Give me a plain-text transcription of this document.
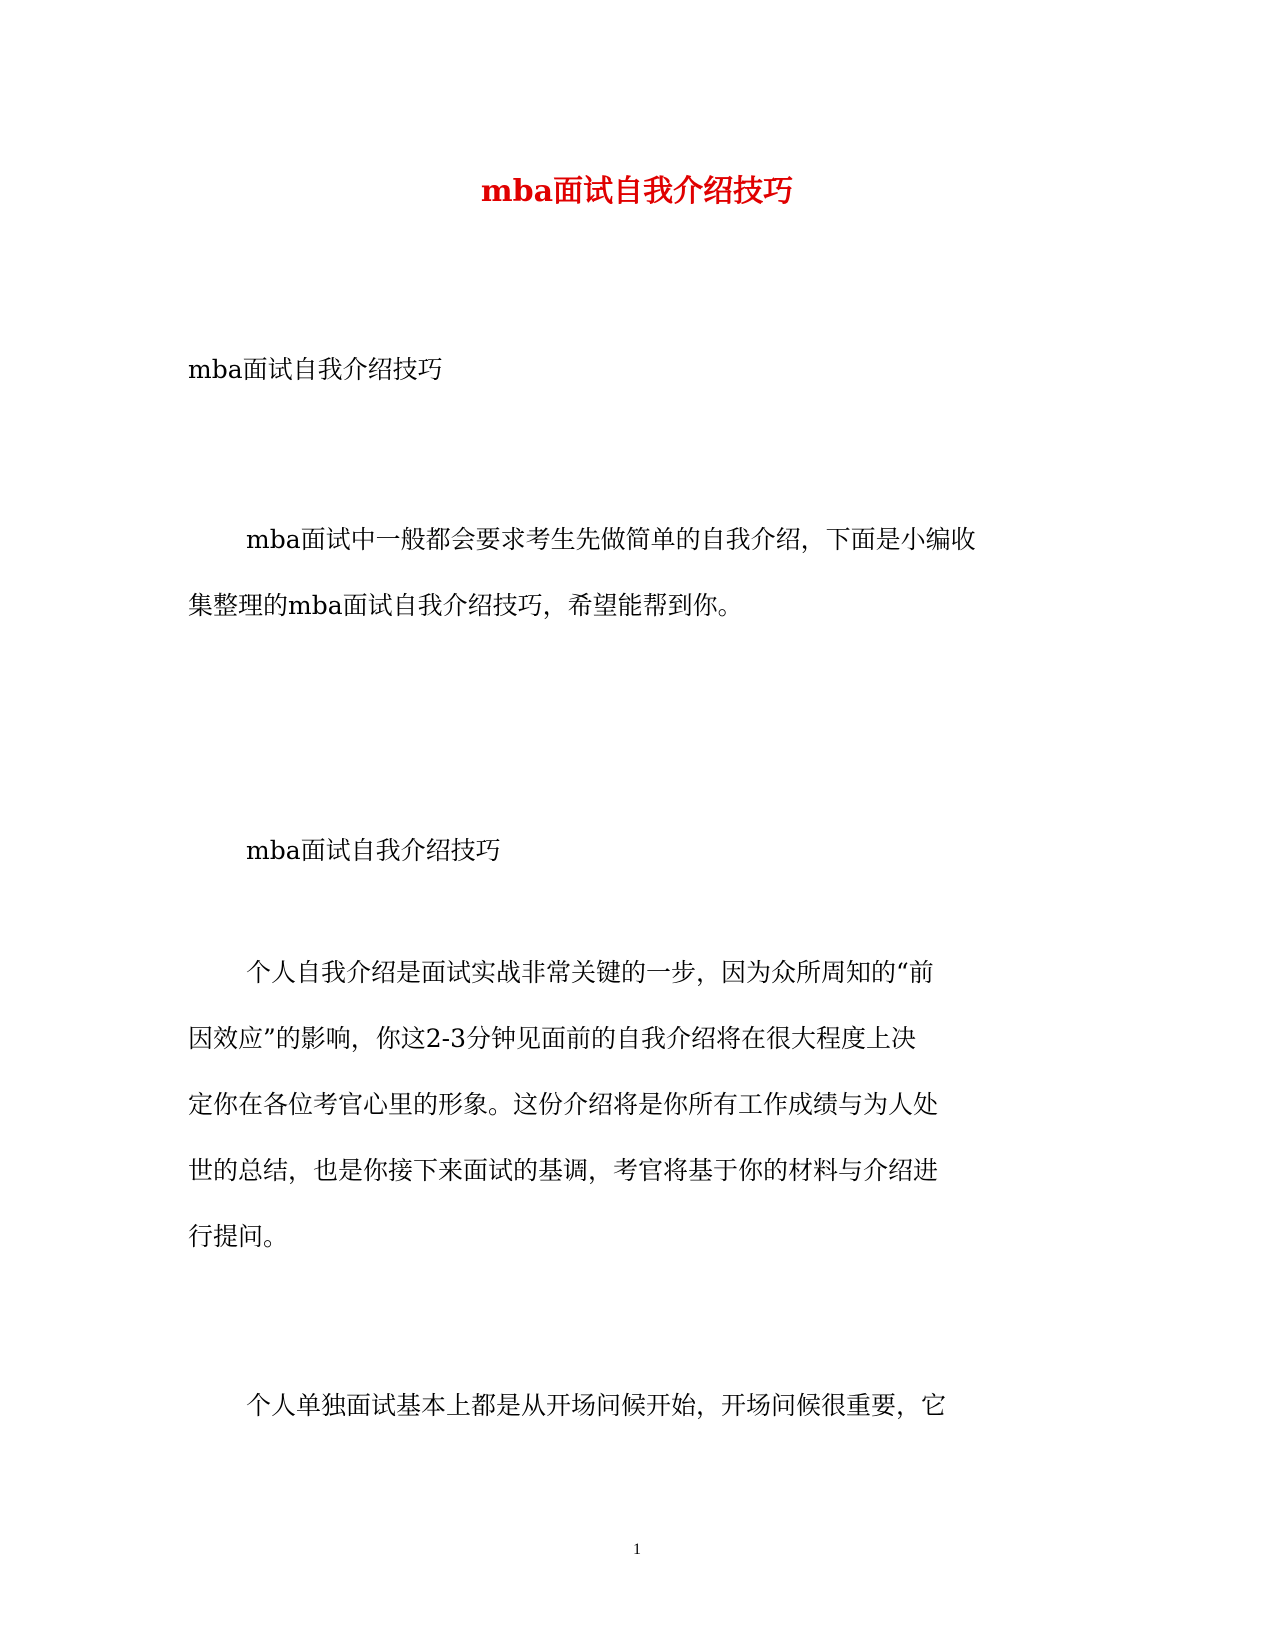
mba面试自我介绍技巧

mba面试自我介绍技巧

mba面试中一般都会要求考生先做简单的自我介绍，下面是小编收
集整理的mba面试自我介绍技巧，希望能帮到你。

mba面试自我介绍技巧

个人自我介绍是面试实战非常关键的一步，因为众所周知的“前
因效应”的影响，你这2-3分钟见面前的自我介绍将在很大程度上决
定你在各位考官心里的形象。这份介绍将是你所有工作成绩与为人处
世的总结，也是你接下来面试的基调，考官将基于你的材料与介绍进
行提问。

个人单独面试基本上都是从开场问候开始，开场问候很重要，它

1
